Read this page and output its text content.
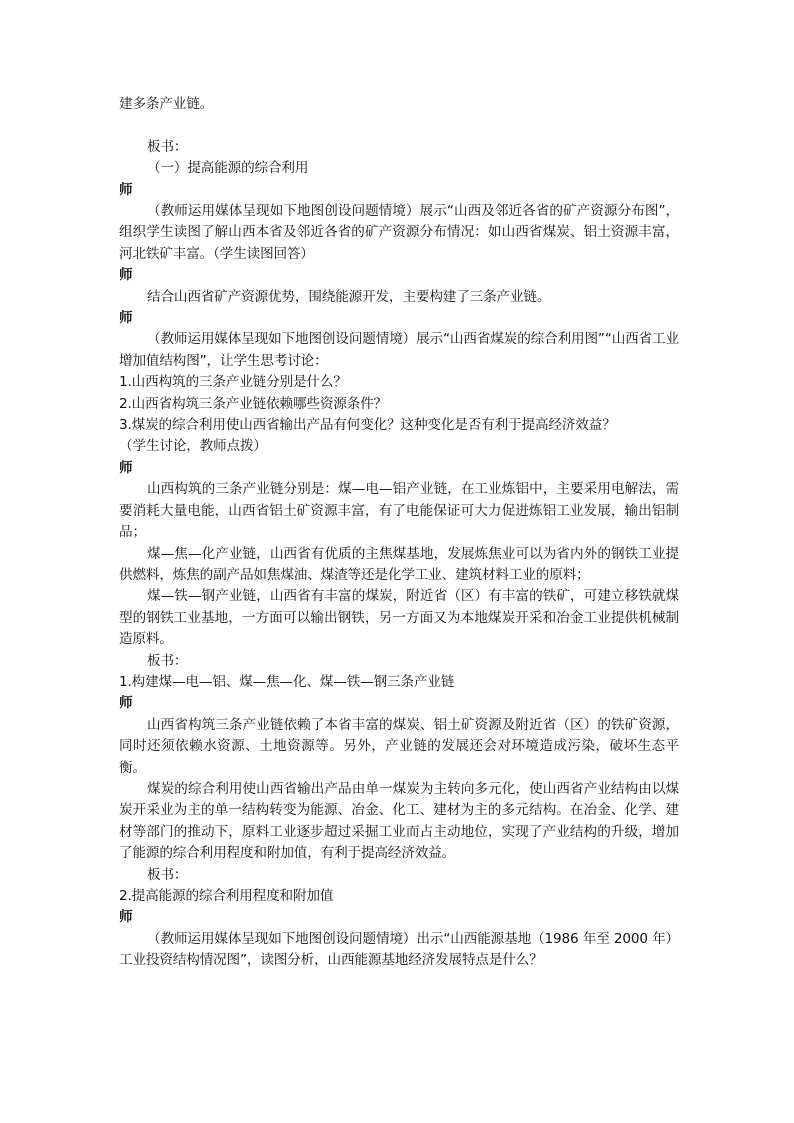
建多条产业链。

板书：

（一）提高能源的综合利用

师

（教师运用媒体呈现如下地图创设问题情境）展示“山西及邻近各省的矿产资源分布图”，组织学生读图了解山西本省及邻近各省的矿产资源分布情况：如山西省煤炭、铝土资源丰富，河北铁矿丰富。（学生读图回答）

师

结合山西省矿产资源优势，围绕能源开发，主要构建了三条产业链。

师

（教师运用媒体呈现如下地图创设问题情境）展示“山西省煤炭的综合利用图”“山西省工业增加值结构图”，让学生思考讨论：

1.山西构筑的三条产业链分别是什么？

2.山西省构筑三条产业链依赖哪些资源条件？

3.煤炭的综合利用使山西省输出产品有何变化？这种变化是否有利于提高经济效益？

（学生讨论，教师点拨）

师

山西构筑的三条产业链分别是：煤—电—铝产业链，在工业炼铝中，主要采用电解法，需要消耗大量电能，山西省铝土矿资源丰富，有了电能保证可大力促进炼铝工业发展，输出铝制品；

煤—焦—化产业链，山西省有优质的主焦煤基地，发展炼焦业可以为省内外的钢铁工业提供燃料，炼焦的副产品如焦煤油、煤渣等还是化学工业、建筑材料工业的原料；

煤—铁—钢产业链，山西省有丰富的煤炭，附近省（区）有丰富的铁矿，可建立移铁就煤型的钢铁工业基地，一方面可以输出钢铁，另一方面又为本地煤炭开采和冶金工业提供机械制造原料。

板书：

1.构建煤—电—铝、煤—焦—化、煤—铁—钢三条产业链

师

山西省构筑三条产业链依赖了本省丰富的煤炭、铝土矿资源及附近省（区）的铁矿资源，同时还须依赖水资源、土地资源等。另外，产业链的发展还会对环境造成污染，破坏生态平衡。

煤炭的综合利用使山西省输出产品由单一煤炭为主转向多元化，使山西省产业结构由以煤炭开采业为主的单一结构转变为能源、冶金、化工、建材为主的多元结构。在冶金、化学、建材等部门的推动下，原料工业逐步超过采掘工业而占主动地位，实现了产业结构的升级，增加了能源的综合利用程度和附加值，有利于提高经济效益。

板书：

2.提高能源的综合利用程度和附加值

师

（教师运用媒体呈现如下地图创设问题情境）出示“山西能源基地（1986 年至 2000 年）工业投资结构情况图”，读图分析，山西能源基地经济发展特点是什么？
